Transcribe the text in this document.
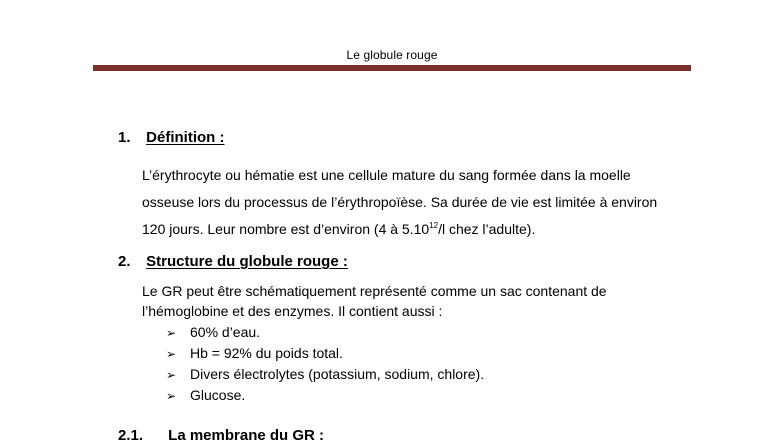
Le globule rouge
1. Définition :
L’érythrocyte ou hématie est une cellule mature du sang formée dans la moelle
osseuse lors du processus de l’érythropoïèse. Sa durée de vie est limitée à environ
120 jours. Leur nombre est d’environ (4 à 5.10$^{12}$/l chez l’adulte).
2. Structure du globule rouge :
Le GR peut être schématiquement représenté comme un sac contenant de
l’hémoglobine et des enzymes. Il contient aussi :
➢ 60% d’eau.
➢ Hb = 92% du poids total.
➢ Divers électrolytes (potassium, sodium, chlore).
➢ Glucose.
2.1. La membrane du GR :
